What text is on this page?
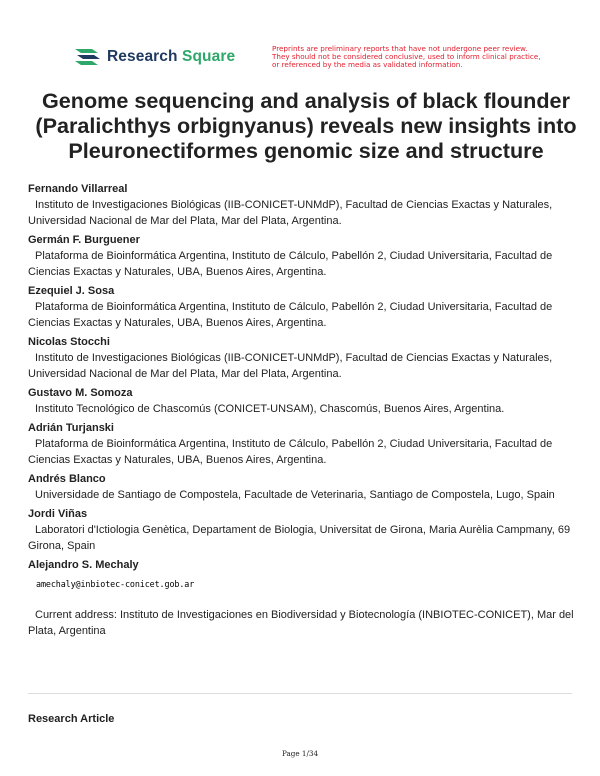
Research Square	Preprints are preliminary reports that have not undergone peer review.
They should not be considered conclusive, used to inform clinical practice,
or referenced by the media as validated information.
Genome sequencing and analysis of black flounder (Paralichthys orbignyanus) reveals new insights into Pleuronectiformes genomic size and structure
Fernando Villarreal
Instituto de Investigaciones Biológicas (IIB-CONICET-UNMdP), Facultad de Ciencias Exactas y Naturales, Universidad Nacional de Mar del Plata, Mar del Plata, Argentina.
Germán F. Burguener
Plataforma de Bioinformática Argentina, Instituto de Cálculo, Pabellón 2, Ciudad Universitaria, Facultad de Ciencias Exactas y Naturales, UBA, Buenos Aires, Argentina.
Ezequiel J. Sosa
Plataforma de Bioinformática Argentina, Instituto de Cálculo, Pabellón 2, Ciudad Universitaria, Facultad de Ciencias Exactas y Naturales, UBA, Buenos Aires, Argentina.
Nicolas Stocchi
Instituto de Investigaciones Biológicas (IIB-CONICET-UNMdP), Facultad de Ciencias Exactas y Naturales, Universidad Nacional de Mar del Plata, Mar del Plata, Argentina.
Gustavo M. Somoza
Instituto Tecnológico de Chascomús (CONICET-UNSAM), Chascomús, Buenos Aires, Argentina.
Adrián Turjanski
Plataforma de Bioinformática Argentina, Instituto de Cálculo, Pabellón 2, Ciudad Universitaria, Facultad de Ciencias Exactas y Naturales, UBA, Buenos Aires, Argentina.
Andrés Blanco
Universidade de Santiago de Compostela, Facultade de Veterinaria, Santiago de Compostela, Lugo, Spain
Jordi Viñas
Laboratori d'Ictiologia Genètica, Departament de Biologia, Universitat de Girona, Maria Aurèlia Campmany, 69 Girona, Spain
Alejandro S. Mechaly
amechaly@inbiotec-conicet.gob.ar
Current address: Instituto de Investigaciones en Biodiversidad y Biotecnología (INBIOTEC-CONICET), Mar del Plata, Argentina
Research Article
Page 1/34
